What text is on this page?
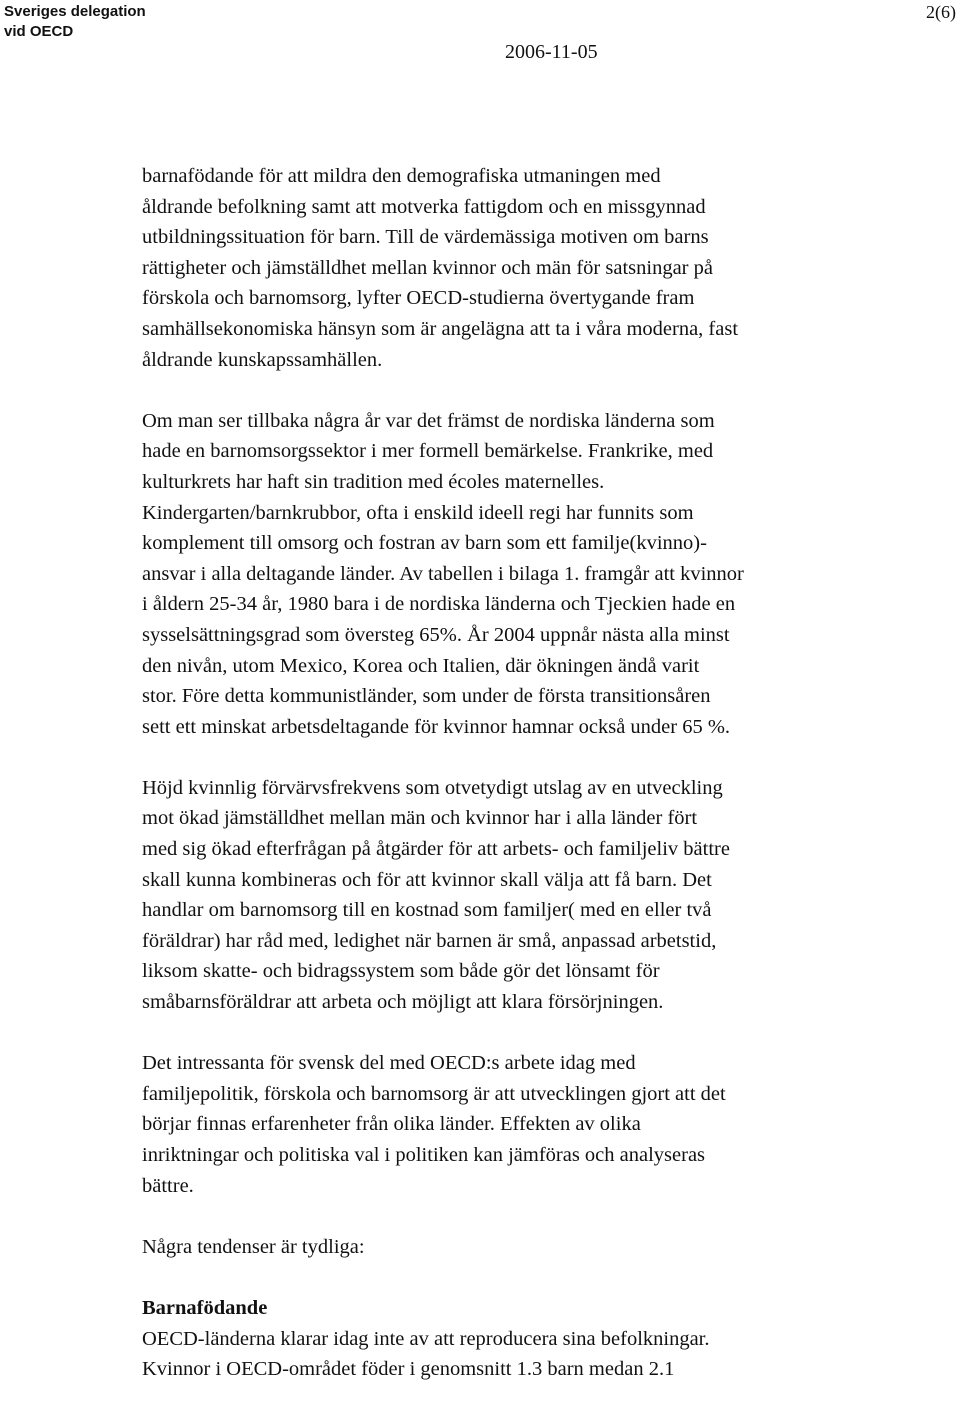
Sveriges delegation
vid OECD
2(6)
2006-11-05

barnafödande för att mildra den demografiska utmaningen med
åldrande befolkning samt att motverka fattigdom och en missgynnad
utbildningssituation för barn. Till de värdemässiga motiven om barns
rättigheter och jämställdhet mellan kvinnor och män för satsningar på
förskola och barnomsorg, lyfter OECD-studierna övertygande fram
samhällsekonomiska hänsyn som är angelägna att ta i våra moderna, fast
åldrande kunskapssamhällen.

Om man ser tillbaka några år var det främst de nordiska länderna som
hade en barnomsorgssektor i mer formell bemärkelse. Frankrike, med
kulturkrets har haft sin tradition med écoles maternelles.
Kindergarten/barnkrubbor, ofta i enskild ideell regi har funnits som
komplement till omsorg och fostran av barn som ett familje(kvinno)-
ansvar i alla deltagande länder. Av tabellen i bilaga 1. framgår att kvinnor
i åldern 25-34 år, 1980 bara i de nordiska länderna och Tjeckien hade en
sysselsättningsgrad som översteg 65%. År 2004 uppnår nästa alla minst
den nivån, utom Mexico, Korea och Italien, där ökningen ändå varit
stor. Före detta kommunistländer, som under de första transitionsåren
sett ett minskat arbetsdeltagande för kvinnor hamnar också under 65 %.

Höjd kvinnlig förvärvsfrekvens som otvetydigt utslag av en utveckling
mot ökad jämställdhet mellan män och kvinnor har i alla länder fört
med sig ökad efterfrågan på åtgärder för att arbets- och familjeliv bättre
skall kunna kombineras och för att kvinnor skall välja att få barn. Det
handlar om barnomsorg till en kostnad som familjer( med en eller två
föräldrar) har råd med, ledighet när barnen är små, anpassad arbetstid,
liksom skatte- och bidragssystem som både gör det lönsamt för
småbarnsföräldrar att arbeta och möjligt att klara försörjningen.

Det intressanta för svensk del med OECD:s arbete idag med
familjepolitik, förskola och barnomsorg är att utvecklingen gjort att det
börjar finnas erfarenheter från olika länder. Effekten av olika
inriktningar och politiska val i politiken kan jämföras och analyseras
bättre.

Några tendenser är tydliga:

Barnafödande
OECD-länderna klarar idag inte av att reproducera sina befolkningar.
Kvinnor i OECD-området föder i genomsnitt 1.3 barn medan 2.1
